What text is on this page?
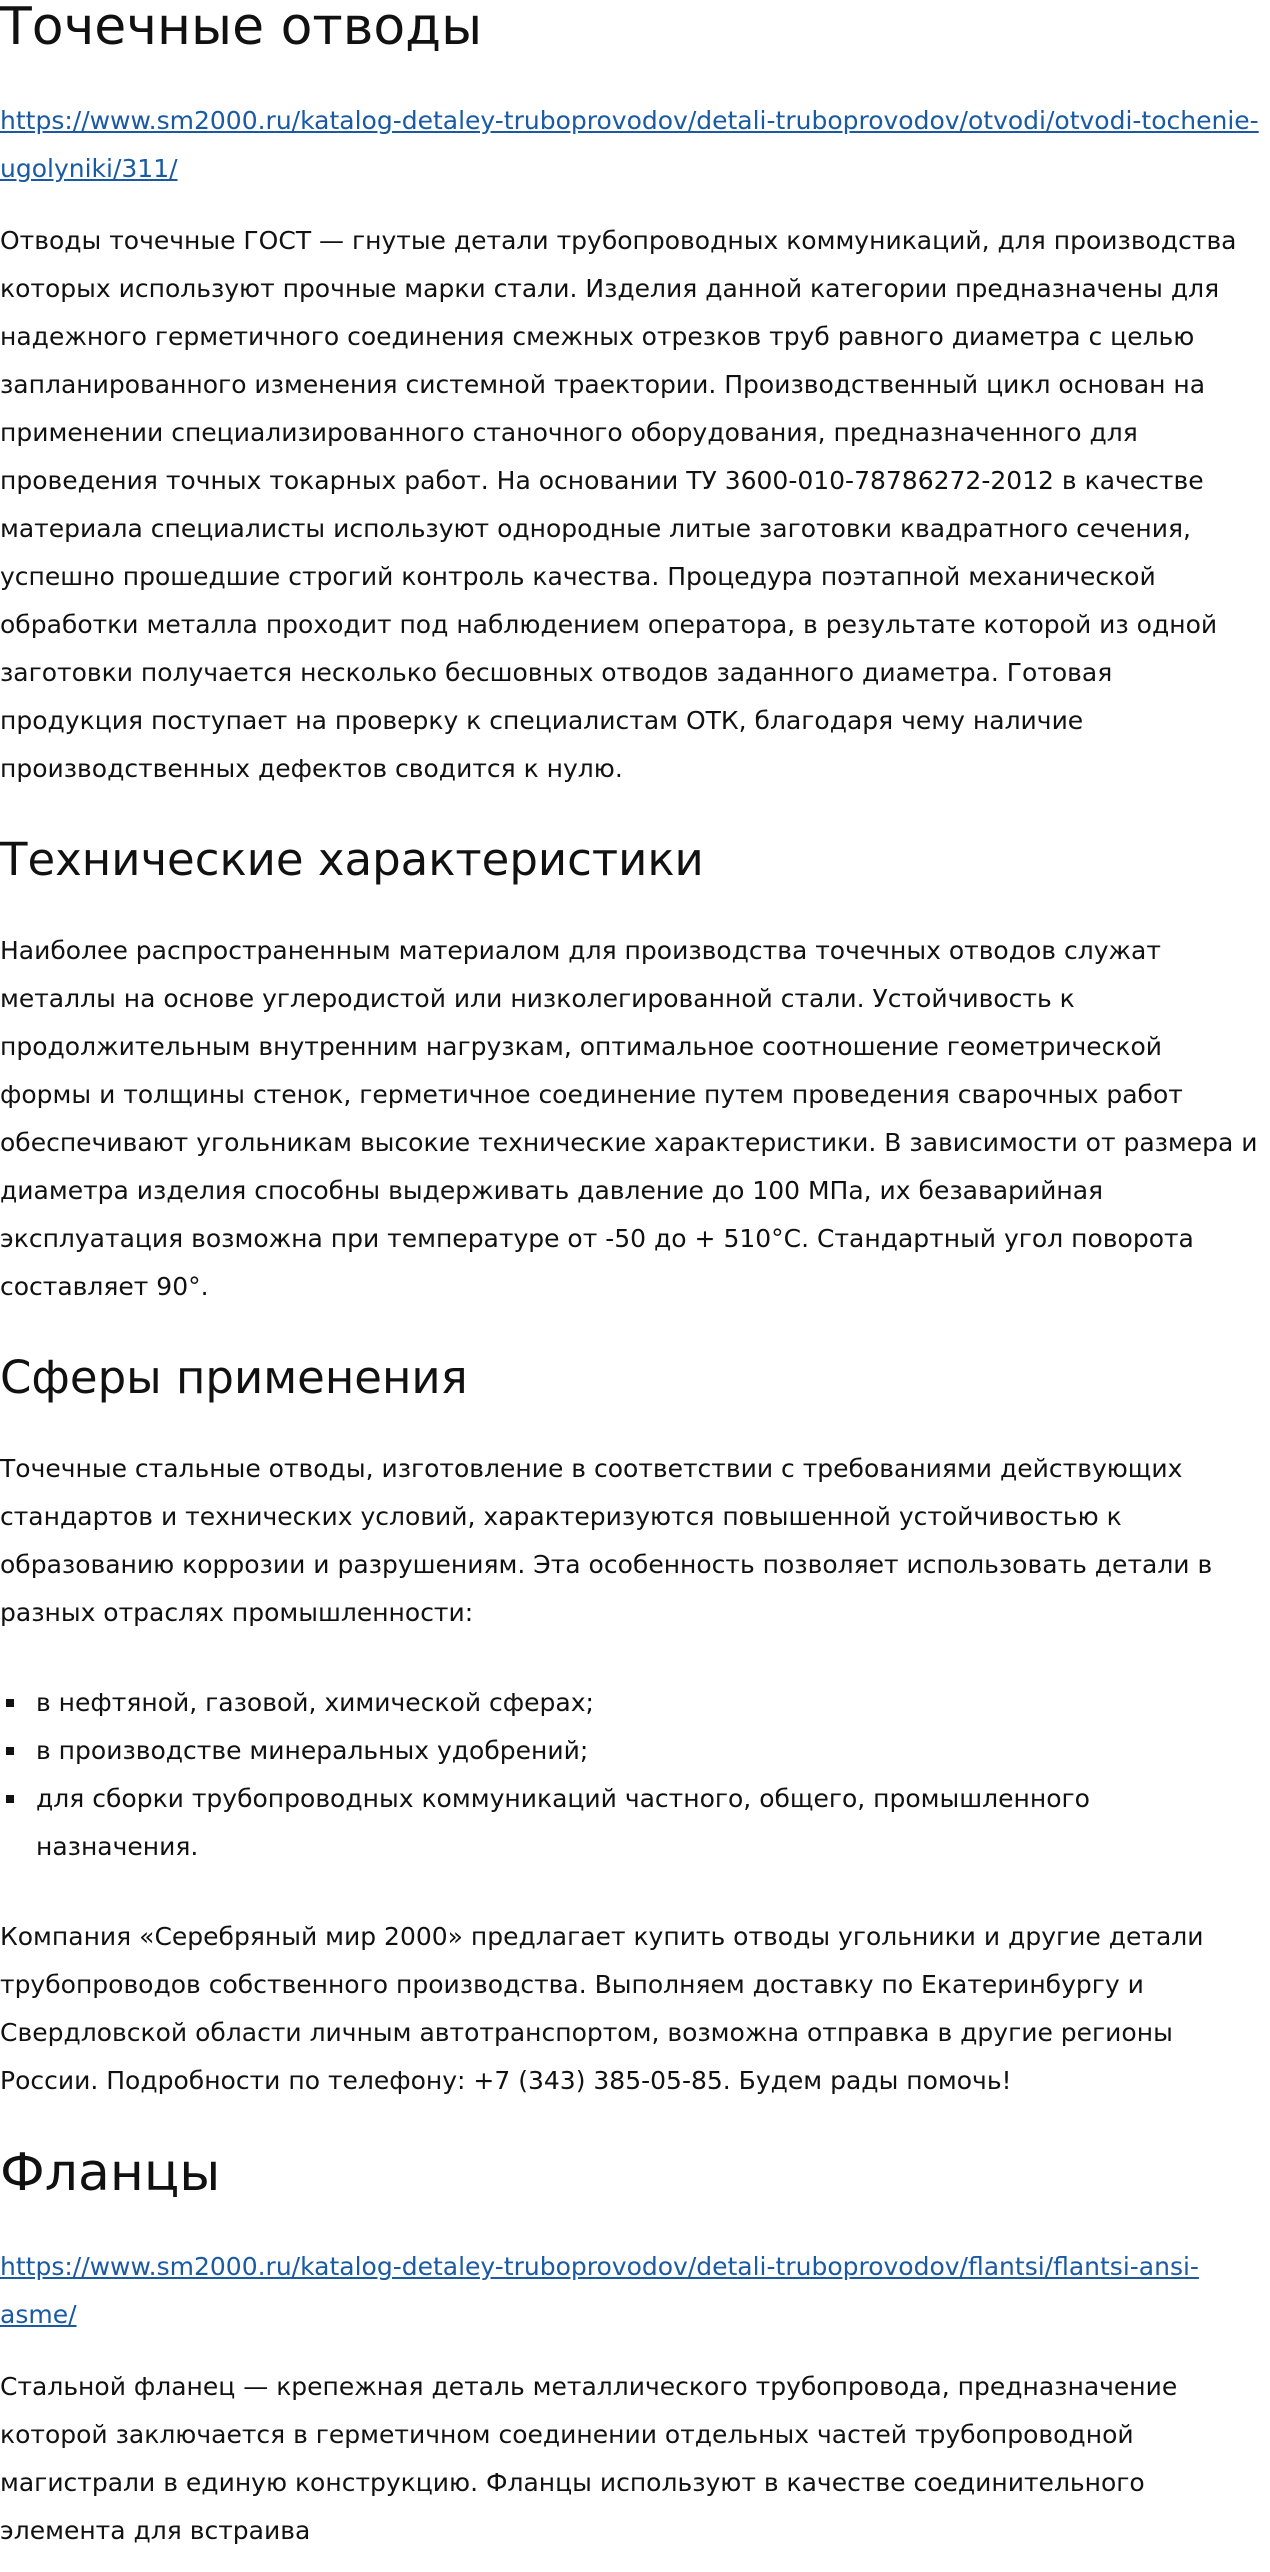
Точечные отводы

https://www.sm2000.ru/katalog-detaley-truboprovodov/detali-truboprovodov/otvodi/otvodi-tochenie-ugolyniki/311/

Отводы точечные ГОСТ — гнутые детали трубопроводных коммуникаций, для производства которых используют прочные марки стали. Изделия данной категории предназначены для надежного герметичного соединения смежных отрезков труб равного диаметра с целью запланированного изменения системной траектории. Производственный цикл основан на применении специализированного станочного оборудования, предназначенного для проведения точных токарных работ. На основании ТУ 3600-010-78786272-2012 в качестве материала специалисты используют однородные литые заготовки квадратного сечения, успешно прошедшие строгий контроль качества. Процедура поэтапной механической обработки металла проходит под наблюдением оператора, в результате которой из одной заготовки получается несколько бесшовных отводов заданного диаметра. Готовая продукция поступает на проверку к специалистам ОТК, благодаря чему наличие производственных дефектов сводится к нулю.

Технические характеристики

Наиболее распространенным материалом для производства точечных отводов служат металлы на основе углеродистой или низколегированной стали. Устойчивость к продолжительным внутренним нагрузкам, оптимальное соотношение геометрической формы и толщины стенок, герметичное соединение путем проведения сварочных работ обеспечивают угольникам высокие технические характеристики. В зависимости от размера и диаметра изделия способны выдерживать давление до 100 МПа, их безаварийная эксплуатация возможна при температуре от -50 до + 510°С. Стандартный угол поворота составляет 90°.

Сферы применения

Точечные стальные отводы, изготовление в соответствии с требованиями действующих стандартов и технических условий, характеризуются повышенной устойчивостью к образованию коррозии и разрушениям. Эта особенность позволяет использовать детали в разных отраслях промышленности:

в нефтяной, газовой, химической сферах;
в производстве минеральных удобрений;
для сборки трубопроводных коммуникаций частного, общего, промышленного назначения.

Компания «Серебряный мир 2000» предлагает купить отводы угольники и другие детали трубопроводов собственного производства. Выполняем доставку по Екатеринбургу и Свердловской области личным автотранспортом, возможна отправка в другие регионы России. Подробности по телефону: +7 (343) 385-05-85. Будем рады помочь!

Фланцы

https://www.sm2000.ru/katalog-detaley-truboprovodov/detali-truboprovodov/flantsi/flantsi-ansi-asme/

Стальной фланец — крепежная деталь металлического трубопровода, предназначение которой заключается в герметичном соединении отдельных частей трубопроводной магистрали в единую конструкцию. Фланцы используют в качестве соединительного элемента для встраива
